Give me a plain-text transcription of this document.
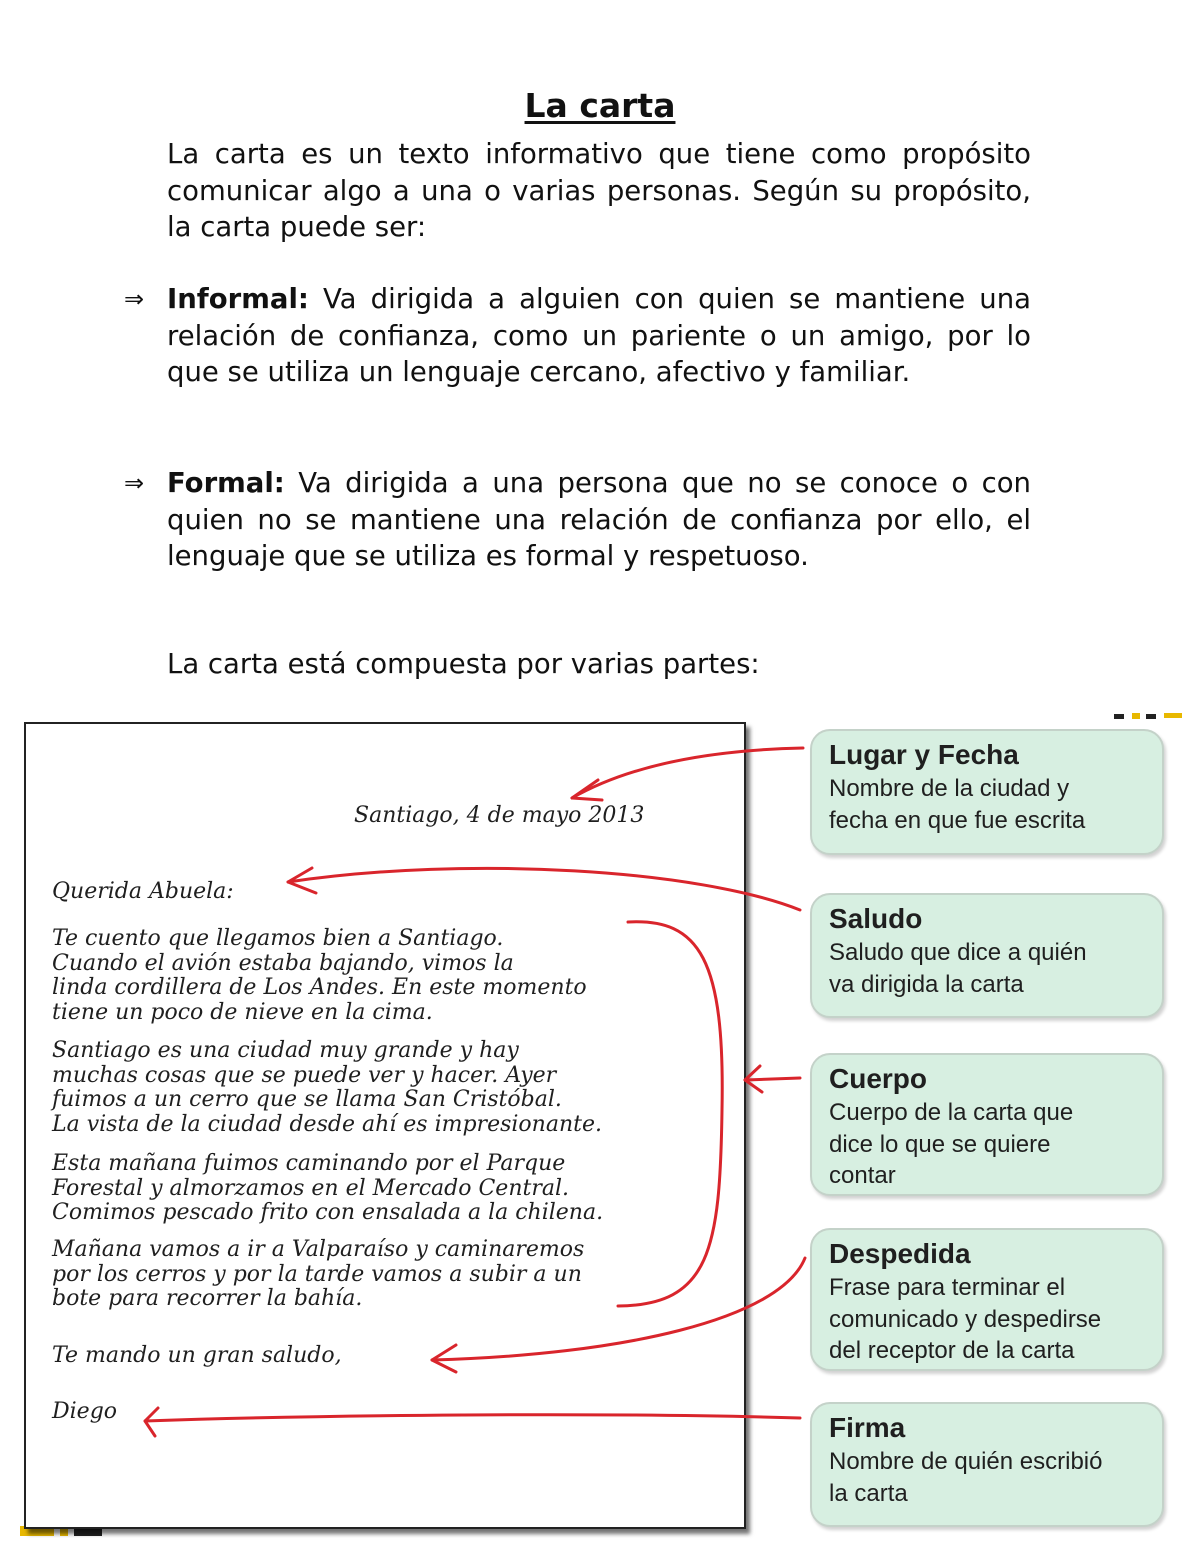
La carta

La carta es un texto informativo que tiene como propósito comunicar algo a una o varias personas. Según su propósito, la carta puede ser:

⇒ Informal: Va dirigida a alguien con quien se mantiene una relación de confianza, como un pariente o un amigo, por lo que se utiliza un lenguaje cercano, afectivo y familiar.

⇒ Formal: Va dirigida a una persona que no se conoce o con quien no se mantiene una relación de confianza por ello, el lenguaje que se utiliza es formal y respetuoso.

La carta está compuesta por varias partes:

Santiago, 4 de mayo 2013

Querida Abuela:

Te cuento que llegamos bien a Santiago.
Cuando el avión estaba bajando, vimos la
linda cordillera de Los Andes. En este momento
tiene un poco de nieve en la cima.

Santiago es una ciudad muy grande y hay
muchas cosas que se puede ver y hacer. Ayer
fuimos a un cerro que se llama San Cristóbal.
La vista de la ciudad desde ahí es impresionante.

Esta mañana fuimos caminando por el Parque
Forestal y almorzamos en el Mercado Central.
Comimos pescado frito con ensalada a la chilena.

Mañana vamos a ir a Valparaíso y caminaremos
por los cerros y por la tarde vamos a subir a un
bote para recorrer la bahía.

Te mando un gran saludo,

Diego

Lugar y Fecha
Nombre de la ciudad y
fecha en que fue escrita
Saludo
Saludo que dice a quién
va dirigida la carta
Cuerpo
Cuerpo de la carta que
dice lo que se quiere
contar
Despedida
Frase para terminar el
comunicado y despedirse
del receptor de la carta
Firma
Nombre de quién escribió
la carta
